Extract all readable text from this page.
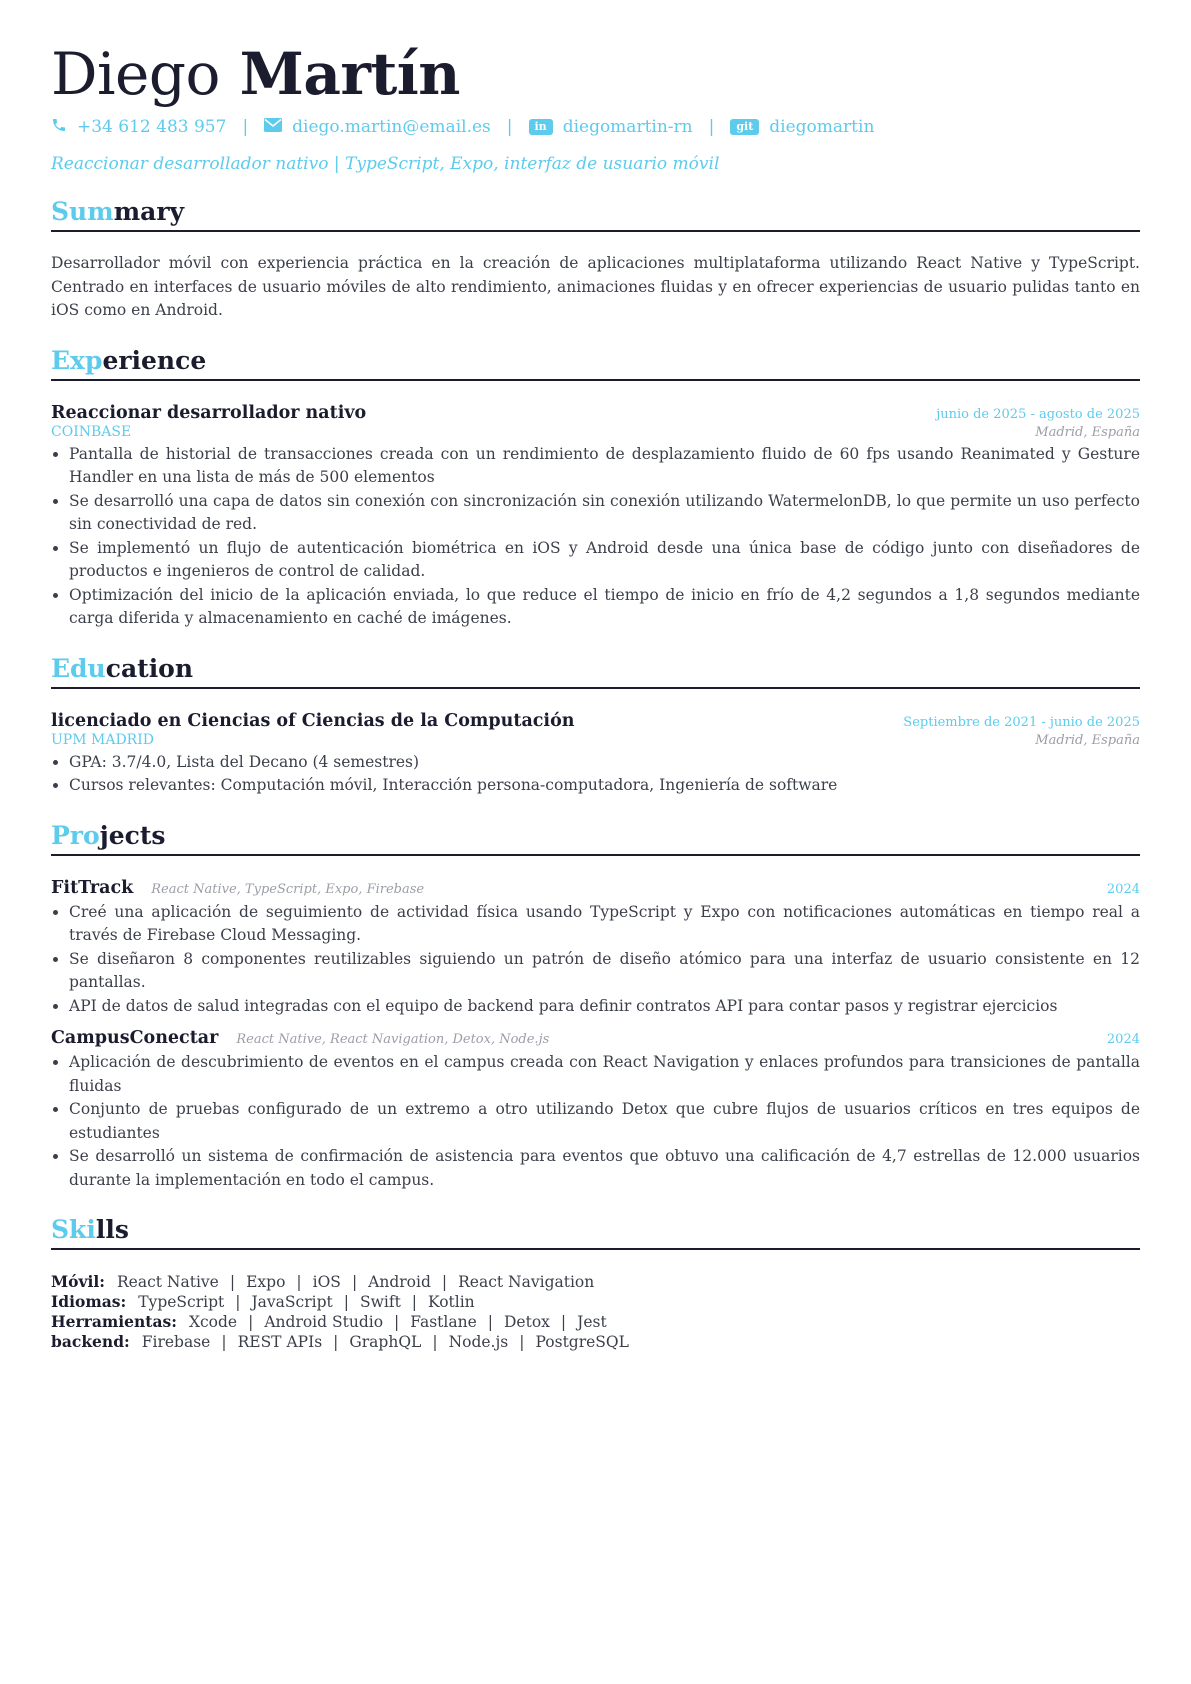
Diego Martín
+34 612 483 957 |	diego.martin@email.es |	in diegomartin-rn |	git diegomartin
Reaccionar desarrollador nativo | TypeScript, Expo, interfaz de usuario móvil
Summary
Desarrollador móvil con experiencia práctica en la creación de aplicaciones multiplataforma utilizando React Native y TypeScript. Centrado en interfaces de usuario móviles de alto rendimiento, animaciones fluidas y en ofrecer experiencias de usuario pulidas tanto en iOS como en Android.
Experience
Reaccionar desarrollador nativo	junio de 2025 - agosto de 2025
COINBASE	Madrid, España
• Pantalla de historial de transacciones creada con un rendimiento de desplazamiento fluido de 60 fps usando Reanimated y Gesture Handler en una lista de más de 500 elementos
• Se desarrolló una capa de datos sin conexión con sincronización sin conexión utilizando WatermelonDB, lo que permite un uso perfecto sin conectividad de red.
• Se implementó un flujo de autenticación biométrica en iOS y Android desde una única base de código junto con diseñadores de productos e ingenieros de control de calidad.
• Optimización del inicio de la aplicación enviada, lo que reduce el tiempo de inicio en frío de 4,2 segundos a 1,8 segundos mediante carga diferida y almacenamiento en caché de imágenes.
Education
licenciado en Ciencias of Ciencias de la Computación	Septiembre de 2021 - junio de 2025
UPM MADRID	Madrid, España
• GPA: 3.7/4.0, Lista del Decano (4 semestres)
• Cursos relevantes: Computación móvil, Interacción persona-computadora, Ingeniería de software
Projects
FitTrack React Native, TypeScript, Expo, Firebase	2024
• Creé una aplicación de seguimiento de actividad física usando TypeScript y Expo con notificaciones automáticas en tiempo real a través de Firebase Cloud Messaging.
• Se diseñaron 8 componentes reutilizables siguiendo un patrón de diseño atómico para una interfaz de usuario consistente en 12 pantallas.
• API de datos de salud integradas con el equipo de backend para definir contratos API para contar pasos y registrar ejercicios
CampusConectar React Native, React Navigation, Detox, Node.js	2024
• Aplicación de descubrimiento de eventos en el campus creada con React Navigation y enlaces profundos para transiciones de pantalla fluidas
• Conjunto de pruebas configurado de un extremo a otro utilizando Detox que cubre flujos de usuarios críticos en tres equipos de estudiantes
• Se desarrolló un sistema de confirmación de asistencia para eventos que obtuvo una calificación de 4,7 estrellas de 12.000 usuarios durante la implementación en todo el campus.
Skills
Móvil: React Native | Expo | iOS | Android | React Navigation
Idiomas: TypeScript | JavaScript | Swift | Kotlin
Herramientas: Xcode | Android Studio | Fastlane | Detox | Jest
backend: Firebase | REST APIs | GraphQL | Node.js | PostgreSQL
